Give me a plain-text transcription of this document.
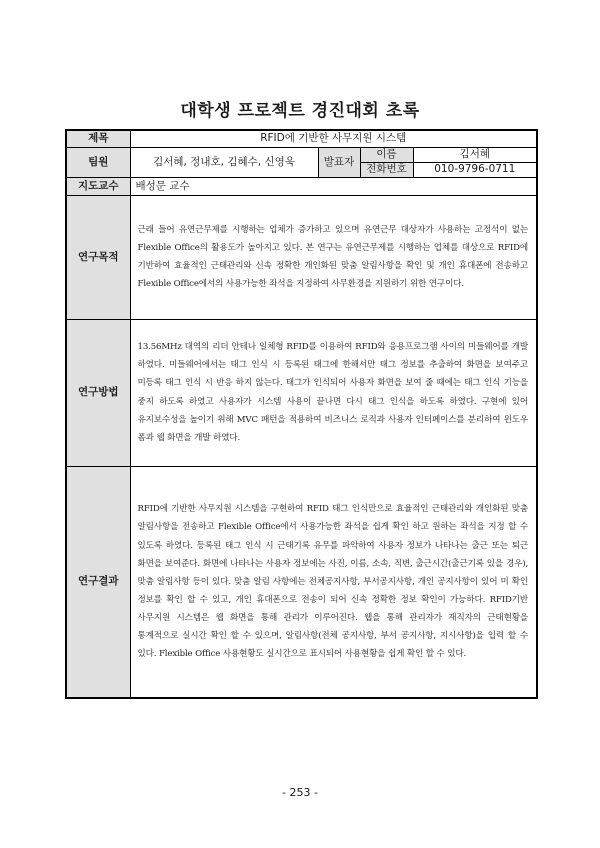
대학생 프로젝트 경진대회 초록
제목	RFID에 기반한 사무지원 시스템			
팀원	김서혜, 정내호, 김혜수, 신영욱	발표자	이름	김서혜
			전화번호	010-9796-0711
지도교수	배성문 교수			
연구목적	근래 들어 유연근무제를 시행하는 업체가 증가하고 있으며 유연근무 대상자가 사용하는 고정석이 없는 Flexible Office의 활용도가 높아지고 있다. 본 연구는 유연근무제를 시행하는 업체를 대상으로 RFID에 기반하여 효율적인 근태관리와 신속 정확한 개인화된 맞춤 알림사항을 확인 및 개인 휴대폰에 전송하고 Flexible Office에서의 사용가능한 좌석을 지정하여 사무환경을 지원하기 위한 연구이다.			

연구방법	13.56MHz 대역의 리더 안테나 일체형 RFID를 이용하여 RFID와 응용프로그램 사이의 미들웨어를 개발 하였다. 미들웨어에서는 태그 인식 시 등록된 태그에 한해서만 태그 정보를 추출하여 화면을 보여주고 미등록 태그 인식 시 반응 하지 않는다. 태그가 인식되어 사용자 화면을 보여 줄 때에는 태그 인식 기능을 중지 하도록 하였고 사용자가 시스템 사용이 끝나면 다시 태그 인식을 하도록 하였다. 구현에 있어 유지보수성을 높이기 위해 MVC 패턴을 적용하여 비즈니스 로직과 사용자 인터페이스를 분리하여 윈도우 폼과 웹 화면을 개발 하였다.			

연구결과	RFID에 기반한 사무지원 시스템을 구현하여 RFID 태그 인식만으로 효율적인 근태관리와 개인화된 맞춤 알림사항을 전송하고 Flexible Office에서 사용가능한 좌석을 쉽게 확인 하고 원하는 좌석을 지정 할 수 있도록 하였다. 등록된 태그 인식 시 근태기록 유무를 파악하여 사용자 정보가 나타나는 출근 또는 퇴근 화면을 보여준다. 화면에 나타나는 사용자 정보에는 사진, 이름, 소속, 직변, 출근시간(출근기록 있을 경우), 맞춤 알림사항 등이 있다. 맞춤 알림 사항에는 전체공지사항, 부서공지사항, 개인 공지사항이 있어 미 확인 정보를 확인 할 수 있고, 개인 휴대폰으로 전송이 되어 신속 정확한 정보 확인이 가능하다. RFID기반 사무지원 시스템은 웹 화면을 통해 관리가 이루어진다. 웹을 통해 관리자가 재직자의 근태현황을 통계적으로 실시간 확인 할 수 있으며, 알림사항(전체 공지사항, 부서 공지사항, 지시사항)을 입력 할 수 있다. Flexible Office 사용현황도 실시간으로 표시되어 사용현황을 쉽게 확인 할 수 있다.			
- 253 -
